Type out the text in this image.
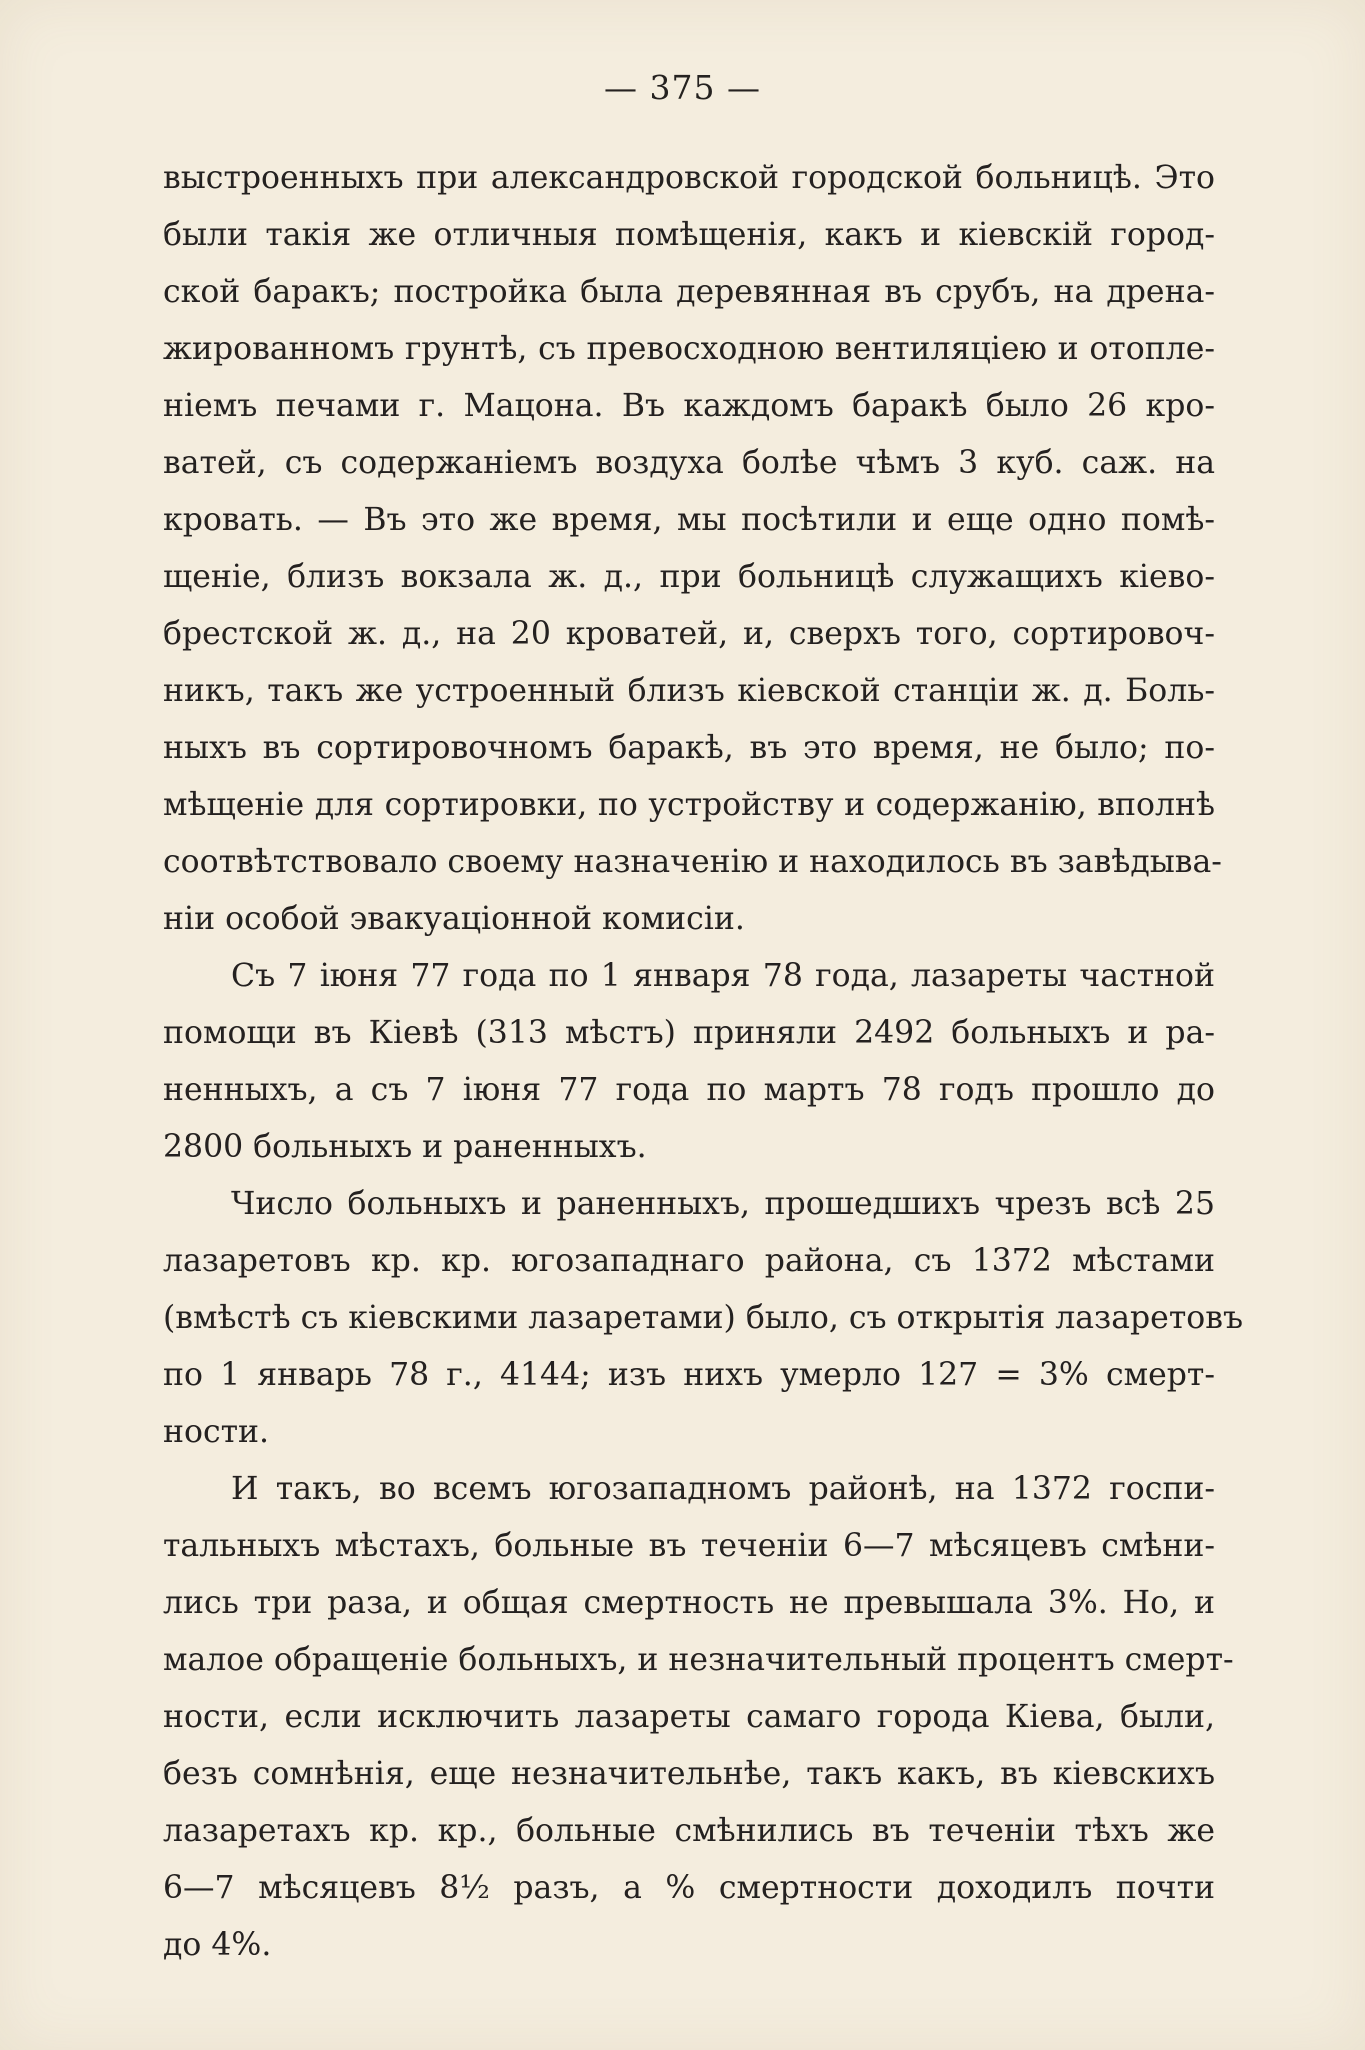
— 375 —
выстроенныхъ при александровской городской больницѣ. Это
были такія же отличныя помѣщенія, какъ и кіевскій город-
ской баракъ; постройка была деревянная въ срубъ, на дрена-
жированномъ грунтѣ, съ превосходною вентиляціею и отопле-
ніемъ печами г. Мацона. Въ каждомъ баракѣ было 26 кро-
ватей, съ содержаніемъ воздуха болѣе чѣмъ 3 куб. саж. на
кровать. — Въ это же время, мы посѣтили и еще одно помѣ-
щеніе, близъ вокзала ж. д., при больницѣ служащихъ кіево-
брестской ж. д., на 20 кроватей, и, сверхъ того, сортировоч-
никъ, такъ же устроенный близъ кіевской станціи ж. д. Боль-
ныхъ въ сортировочномъ баракѣ, въ это время, не было; по-
мѣщеніе для сортировки, по устройству и содержанію, вполнѣ
соотвѣтствовало своему назначенію и находилось въ завѣдыва-
ніи особой эвакуаціонной комисіи.
Съ 7 іюня 77 года по 1 января 78 года, лазареты частной
помощи въ Кіевѣ (313 мѣстъ) приняли 2492 больныхъ и ра-
ненныхъ, а съ 7 іюня 77 года по мартъ 78 годъ прошло до
2800 больныхъ и раненныхъ.
Число больныхъ и раненныхъ, прошедшихъ чрезъ всѣ 25
лазаретовъ кр. кр. югозападнаго района, съ 1372 мѣстами
(вмѣстѣ съ кіевскими лазаретами) было, съ открытія лазаретовъ
по 1 январь 78 г., 4144; изъ нихъ умерло 127 = 3% смерт-
ности.
И такъ, во всемъ югозападномъ районѣ, на 1372 госпи-
тальныхъ мѣстахъ, больные въ теченіи 6—7 мѣсяцевъ смѣни-
лись три раза, и общая смертность не превышала 3%. Но, и
малое обращеніе больныхъ, и незначительный процентъ смерт-
ности, если исключить лазареты самаго города Кіева, были,
безъ сомнѣнія, еще незначительнѣе, такъ какъ, въ кіевскихъ
лазаретахъ кр. кр., больные смѣнились въ теченіи тѣхъ же
6—7 мѣсяцевъ 8½ разъ, а % смертности доходилъ почти
до 4%.
